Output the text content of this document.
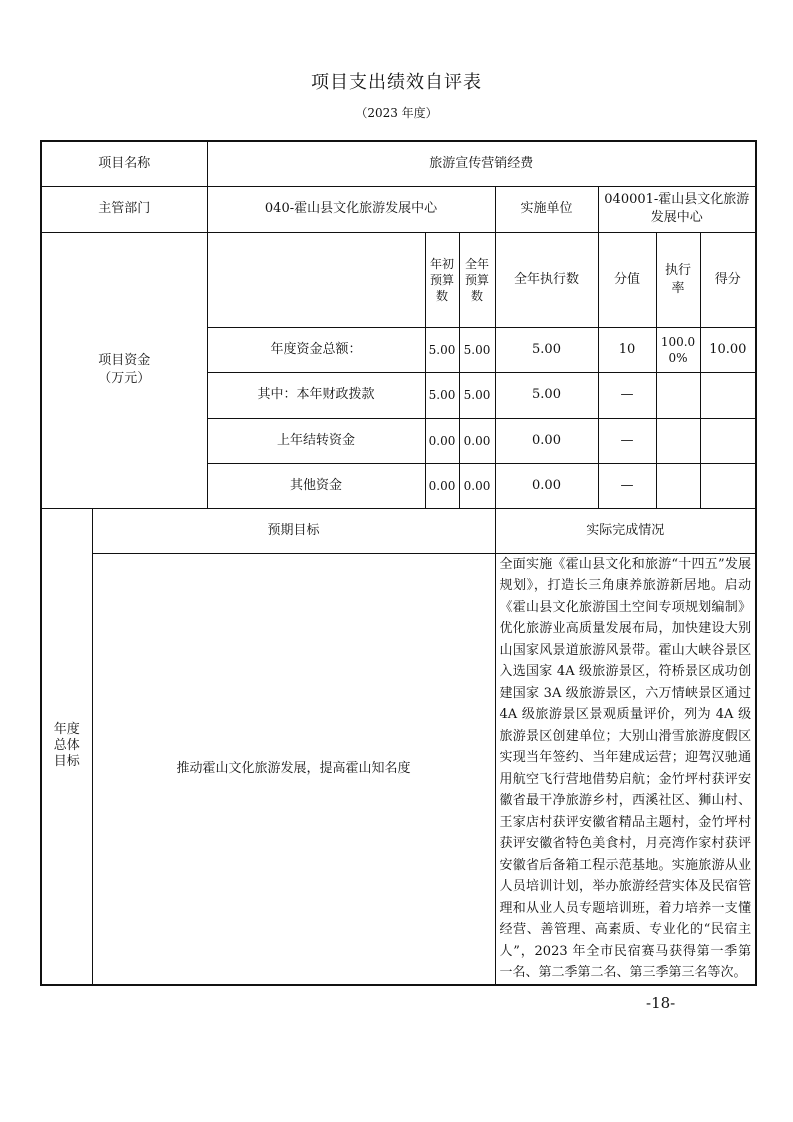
项目支出绩效自评表
（2023 年度）
项目名称		旅游宣传营销经费						
主管部门		040-霍山县文化旅游发展中心			实施单位	040001-霍山县文化旅游发展中心		

项目资金（万元）			年初预算数	全年预算数	全年执行数	分值	执行率	得分
		年度资金总额：	5.00	5.00	5.00	10	100.00%	10.00
		其中：本年财政拨款	5.00	5.00	5.00	—		
		上年结转资金	0.00	0.00	0.00	—		
		其他资金	0.00	0.00	0.00	—		
年度总体目标	预期目标				实际完成情况			
	推动霍山文化旅游发展，提高霍山知名度				全面实施《霍山县文化和旅游“十四五”发展规划》，打造长三角康养旅游新居地。启动《霍山县文化旅游国土空间专项规划编制》优化旅游业高质量发展布局，加快建设大别山国家风景道旅游风景带。霍山大峡谷景区入选国家 4A 级旅游景区，符桥景区成功创建国家 3A 级旅游景区，六万情峡景区通过 4A 级旅游景区景观质量评价，列为 4A 级旅游景区创建单位；大别山滑雪旅游度假区实现当年签约、当年建成运营；迎驾汉驰通用航空飞行营地借势启航；金竹坪村获评安徽省最干净旅游乡村，西溪社区、狮山村、王家店村获评安徽省精品主题村，金竹坪村获评安徽省特色美食村，月亮湾作家村获评安徽省后备箱工程示范基地。实施旅游从业人员培训计划，举办旅游经营实体及民宿管理和从业人员专题培训班，着力培养一支懂经营、善管理、高素质、专业化的“民宿主人”，2023 年全市民宿赛马获得第一季第一名、第二季第二名、第三季第三名等次。			
-18-
